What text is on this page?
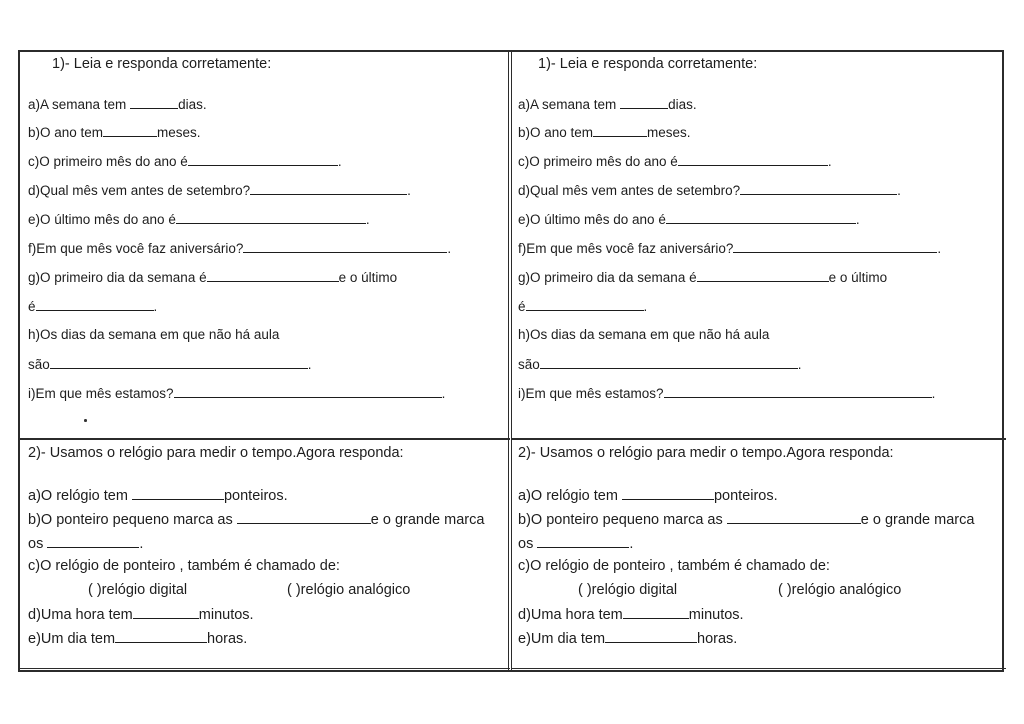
1)- Leia e responda corretamente:
a)A semana tem	dias.
b)O ano tem	meses.
c)O primeiro mês do ano é	.
d)Qual mês vem antes de setembro?	.
e)O último mês do ano é	.
f)Em que mês você faz aniversário?	.
g)O primeiro dia da semana é	e o último
é	.
h)Os dias da semana em que não há aula
são	.
i)Em que mês estamos?	.
2)- Usamos o relógio para medir o tempo.Agora responda:
a)O relógio tem	ponteiros.
b)O ponteiro pequeno marca as	e o grande marca
os	.
c)O relógio de ponteiro , também é chamado de:
( )relógio digital	( )relógio analógico
d)Uma hora tem	minutos.
e)Um dia tem	horas.
1)- Leia e responda corretamente:
a)A semana tem	dias.
b)O ano tem	meses.
c)O primeiro mês do ano é	.
d)Qual mês vem antes de setembro?	.
e)O último mês do ano é	.
f)Em que mês você faz aniversário?	.
g)O primeiro dia da semana é	e o último
é	.
h)Os dias da semana em que não há aula
são	.
i)Em que mês estamos?	.
2)- Usamos o relógio para medir o tempo.Agora responda:
a)O relógio tem	ponteiros.
b)O ponteiro pequeno marca as	e o grande marca
os	.
c)O relógio de ponteiro , também é chamado de:
( )relógio digital	( )relógio analógico
d)Uma hora tem	minutos.
e)Um dia tem	horas.
